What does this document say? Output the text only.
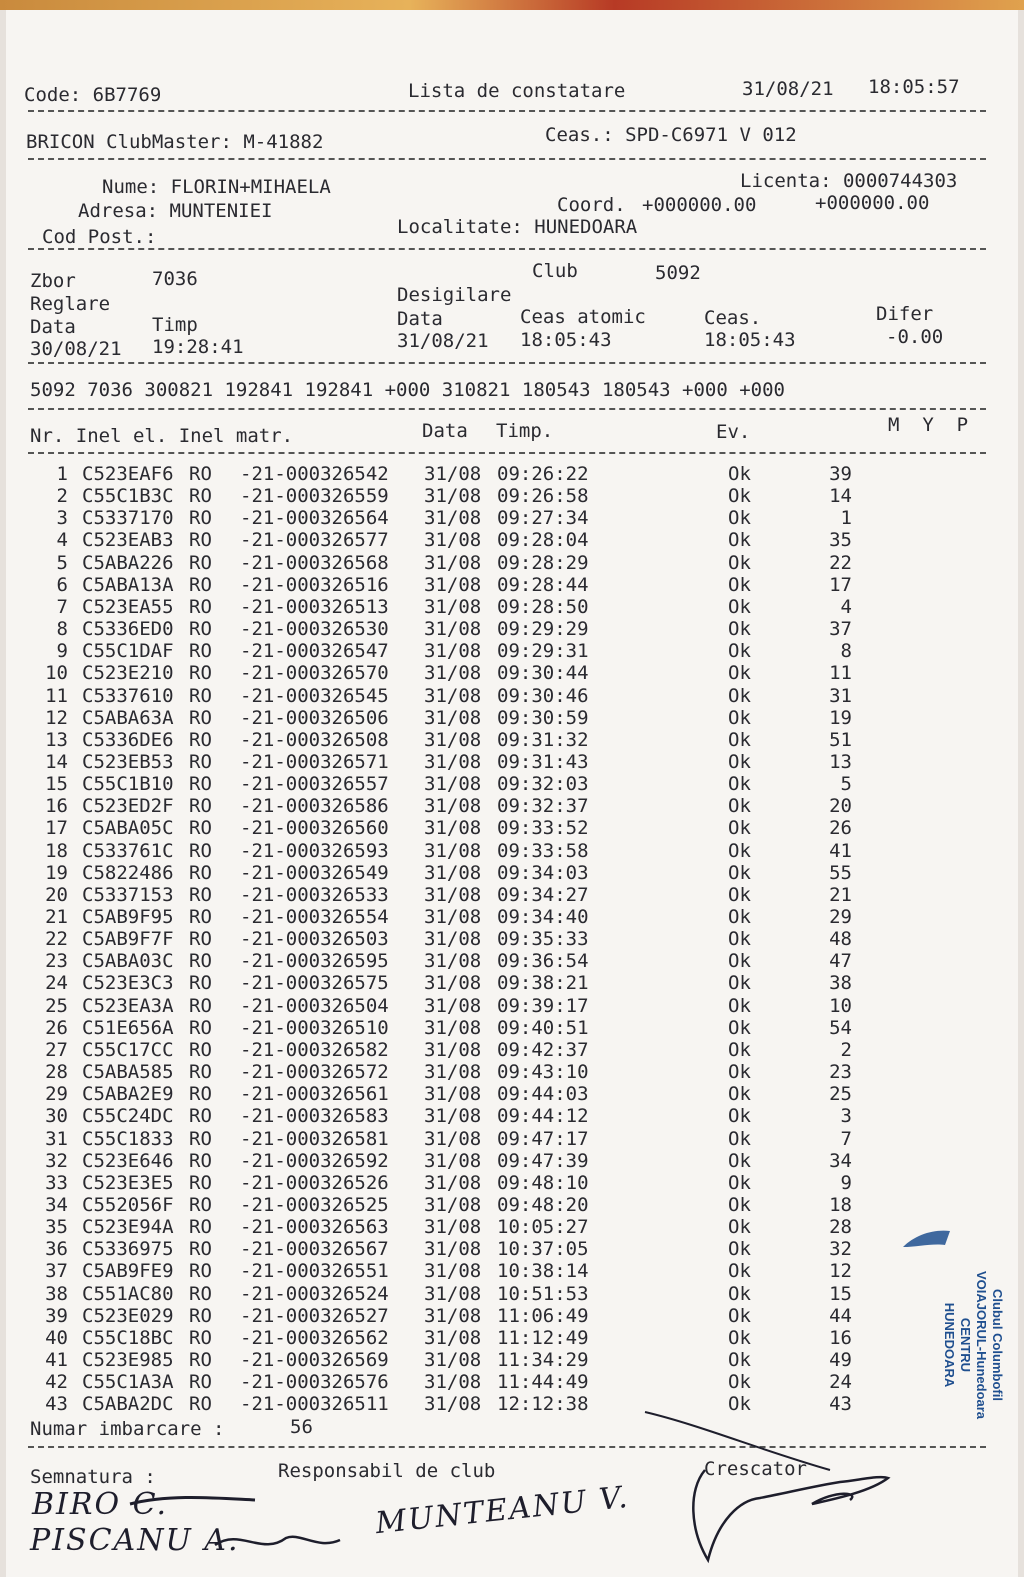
Code: 6B7769	Lista de constatare	31/08/21 18:05:57
BRICON ClubMaster: M-41882	Ceas.: SPD-C6971 V 012
Nume: FLORIN+MIHAELA
Adresa: MUNTENIEI
Cod Post.:
Licenta: 0000744303
Coord. +000000.00	+000000.00
Localitate: HUNEDOARA
Zbor	7036	Club	5092
Reglare	Desigilare
Data	Timp	Data	Ceas atomic	Ceas.	Difer
30/08/21 19:28:41	31/08/21 18:05:43	18:05:43	-0.00
5092 7036 300821 192841 192841 +000 310821 180543 180543 +000 +000
Nr. Inel el. Inel matr.	Data Timp.	Ev.	M  Y  P
1 C523EAF6 RO -21-000326542 31/08 09:26:22	Ok	39
2 C55C1B3C RO -21-000326559 31/08 09:26:58	Ok	14
3 C5337170 RO -21-000326564 31/08 09:27:34	Ok	1
4 C523EAB3 RO -21-000326577 31/08 09:28:04	Ok	35
5 C5ABA226 RO -21-000326568 31/08 09:28:29	Ok	22
6 C5ABA13A RO -21-000326516 31/08 09:28:44	Ok	17
7 C523EA55 RO -21-000326513 31/08 09:28:50	Ok	4
8 C5336ED0 RO -21-000326530 31/08 09:29:29	Ok	37
9 C55C1DAF RO -21-000326547 31/08 09:29:31	Ok	8
10 C523E210 RO -21-000326570 31/08 09:30:44	Ok	11
11 C5337610 RO -21-000326545 31/08 09:30:46	Ok	31
12 C5ABA63A RO -21-000326506 31/08 09:30:59	Ok	19
13 C5336DE6 RO -21-000326508 31/08 09:31:32	Ok	51
14 C523EB53 RO -21-000326571 31/08 09:31:43	Ok	13
15 C55C1B10 RO -21-000326557 31/08 09:32:03	Ok	5
16 C523ED2F RO -21-000326586 31/08 09:32:37	Ok	20
17 C5ABA05C RO -21-000326560 31/08 09:33:52	Ok	26
18 C533761C RO -21-000326593 31/08 09:33:58	Ok	41
19 C5822486 RO -21-000326549 31/08 09:34:03	Ok	55
20 C5337153 RO -21-000326533 31/08 09:34:27	Ok	21
21 C5AB9F95 RO -21-000326554 31/08 09:34:40	Ok	29
22 C5AB9F7F RO -21-000326503 31/08 09:35:33	Ok	48
23 C5ABA03C RO -21-000326595 31/08 09:36:54	Ok	47
24 C523E3C3 RO -21-000326575 31/08 09:38:21	Ok	38
25 C523EA3A RO -21-000326504 31/08 09:39:17	Ok	10
26 C51E656A RO -21-000326510 31/08 09:40:51	Ok	54
27 C55C17CC RO -21-000326582 31/08 09:42:37	Ok	2
28 C5ABA585 RO -21-000326572 31/08 09:43:10	Ok	23
29 C5ABA2E9 RO -21-000326561 31/08 09:44:03	Ok	25
30 C55C24DC RO -21-000326583 31/08 09:44:12	Ok	3
31 C55C1833 RO -21-000326581 31/08 09:47:17	Ok	7
32 C523E646 RO -21-000326592 31/08 09:47:39	Ok	34
33 C523E3E5 RO -21-000326526 31/08 09:48:10	Ok	9
34 C552056F RO -21-000326525 31/08 09:48:20	Ok	18
35 C523E94A RO -21-000326563 31/08 10:05:27	Ok	28
36 C5336975 RO -21-000326567 31/08 10:37:05	Ok	32
37 C5AB9FE9 RO -21-000326551 31/08 10:38:14	Ok	12
38 C551AC80 RO -21-000326524 31/08 10:51:53	Ok	15
39 C523E029 RO -21-000326527 31/08 11:06:49	Ok	44
40 C55C18BC RO -21-000326562 31/08 11:12:49	Ok	16
41 C523E985 RO -21-000326569 31/08 11:34:29	Ok	49
42 C55C1A3A RO -21-000326576 31/08 11:44:49	Ok	24
43 C5ABA2DC RO -21-000326511 31/08 12:12:38	Ok	43
Numar imbarcare :	56
Semnatura :	Responsabil de club	Crescator
BIRO C.
PISCANU A.	MUNTEANU V.
Clubul Columbofil
VOIAJORUL-Hunedoara
CENTRU
HUNEDOARA
